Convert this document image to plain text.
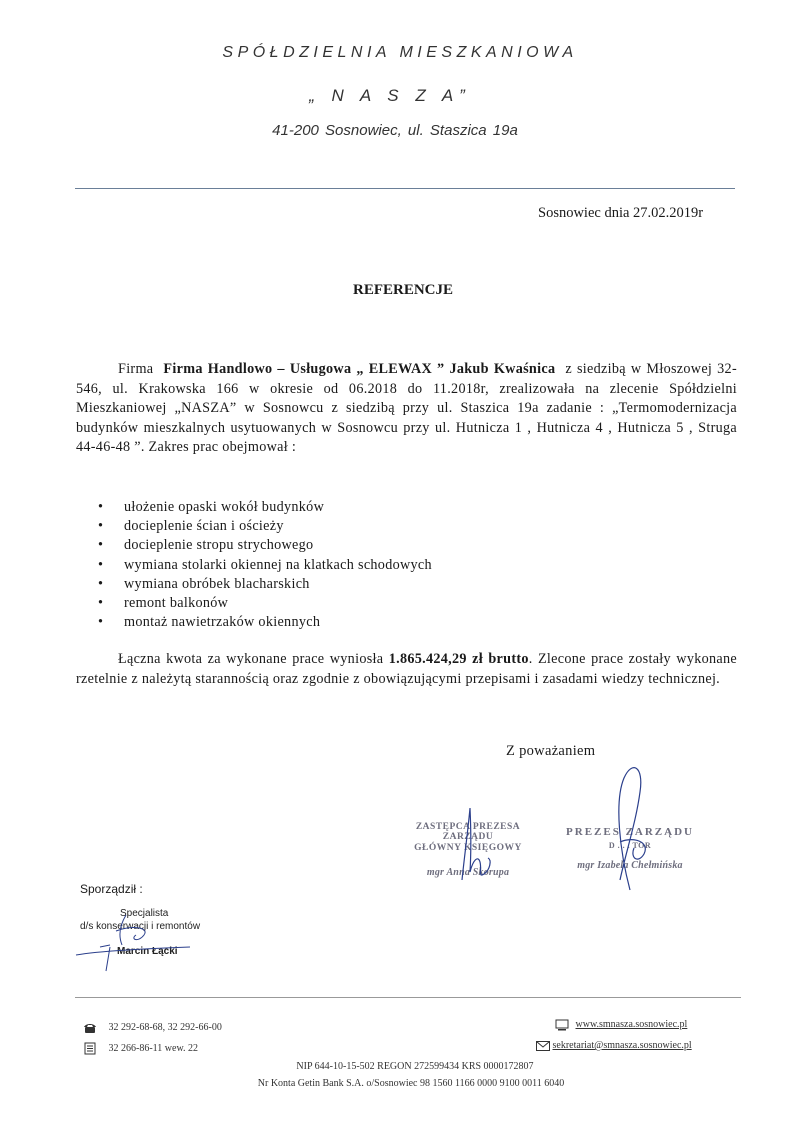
SPÓŁDZIELNIA MIESZKANIOWA
„ N A S Z A”
41-200 Sosnowiec, ul. Staszica 19a
Sosnowiec dnia 27.02.2019r
REFERENCJE
Firma Firma Handlowo – Usługowa „ ELEWAX ” Jakub Kwaśnica z siedzibą w Młoszowej 32-546, ul. Krakowska 166 w okresie od 06.2018 do 11.2018r, zrealizowała na zlecenie Spółdzielni Mieszkaniowej „NASZA” w Sosnowcu z siedzibą przy ul. Staszica 19a zadanie : „Termomodernizacja budynków mieszkalnych usytuowanych w Sosnowcu przy ul. Hutnicza 1 , Hutnicza 4 , Hutnicza 5 , Struga 44-46-48 ”. Zakres prac obejmował :
• ułożenie opaski wokół budynków
• docieplenie ścian i ościeży
• docieplenie stropu strychowego
• wymiana stolarki okiennej na klatkach schodowych
• wymiana obróbek blacharskich
• remont balkonów
• montaż nawietrzaków okiennych
Łączna kwota za wykonane prace wyniosła 1.865.424,29 zł brutto. Zlecone prace zostały wykonane rzetelnie z należytą starannością oraz zgodnie z obowiązującymi przepisami i zasadami wiedzy technicznej.
Z poważaniem
ZASTĘPCA PREZESA ZARZĄDU
GŁÓWNY KSIĘGOWY
mgr Anna Skorupa
PREZES ZARZĄDU
D . . . TOR
mgr Izabela Chełmińska
Sporządził :
Specjalista
d/s konserwacji i remontów
Marcin Łącki
32 292-68-68, 32 292-66-00
32 266-86-11 wew. 22
www.smnasza.sosnowiec.pl
sekretariat@smnasza.sosnowiec.pl
NIP 644-10-15-502 REGON 272599434 KRS 0000172807
Nr Konta Getin Bank S.A. o/Sosnowiec 98 1560 1166 0000 9100 0011 6040
